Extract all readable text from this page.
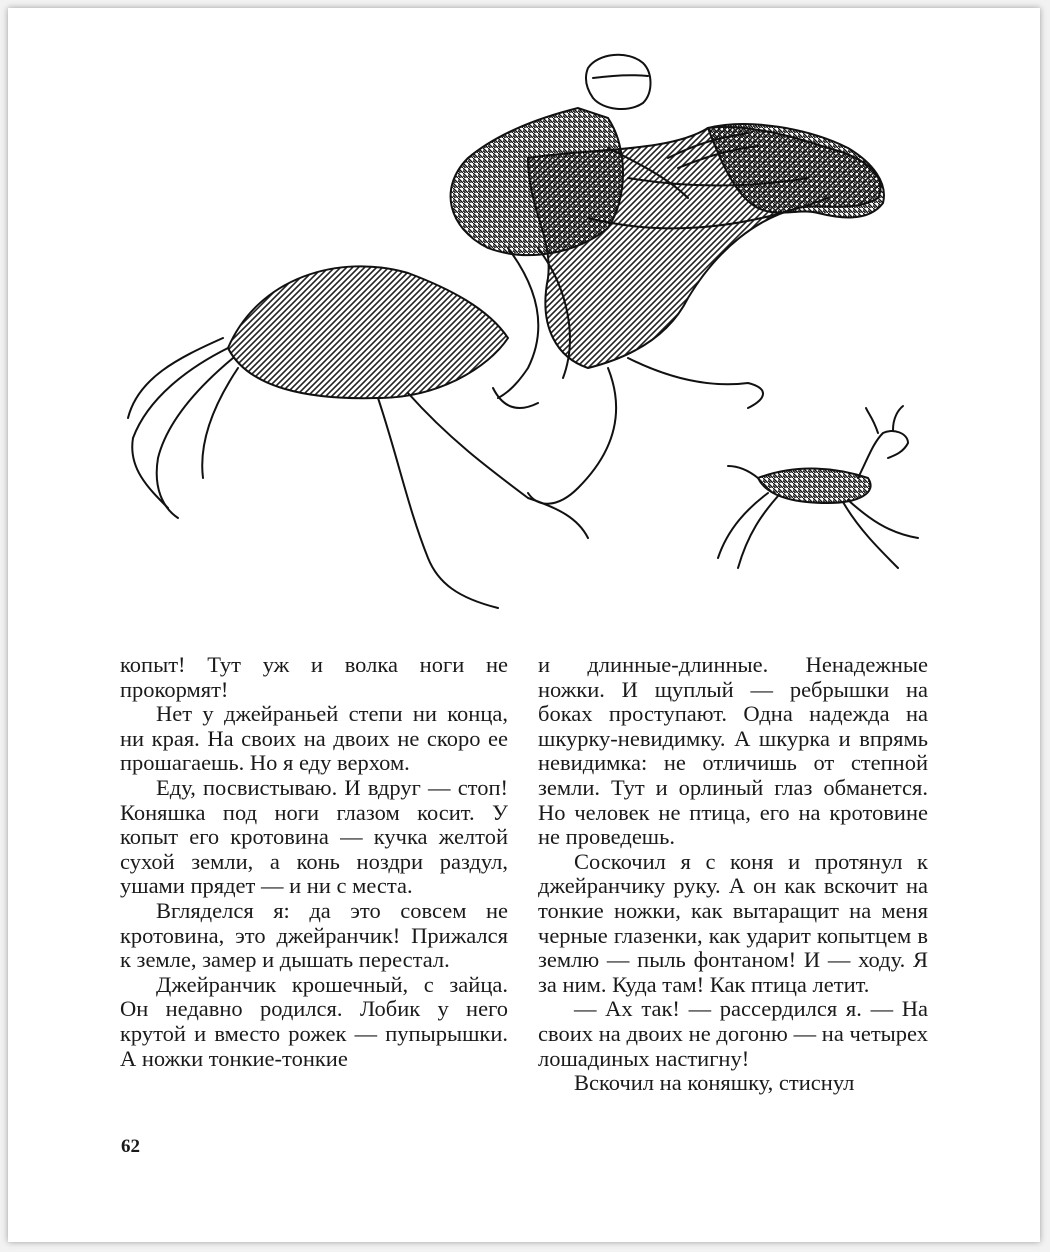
копыт! Тут уж и волка ноги не прокормят!

Нет у джейраньей степи ни конца, ни края. На своих на двоих не скоро ее прошагаешь. Но я еду верхом.

Еду, посвистываю. И вдруг — стоп! Коняшка под ноги глазом косит. У копыт его кротовина — кучка желтой сухой земли, а конь ноздри раздул, ушами прядет — и ни с места.

Вгляделся я: да это совсем не кротовина, это джейранчик! Прижался к земле, замер и дышать перестал.

Джейранчик крошечный, с зайца. Он недавно родился. Лобик у него крутой и вместо рожек — пупырышки. А ножки тонкие-тонкие

и длинные-длинные. Ненадежные ножки. И щуплый — ребрышки на боках проступают. Одна надежда на шкурку-невидимку. А шкурка и впрямь невидимка: не отличишь от степной земли. Тут и орлиный глаз обманется. Но человек не птица, его на кротовине не проведешь.

Соскочил я с коня и протянул к джейранчику руку. А он как вскочит на тонкие ножки, как вытаращит на меня черные глазенки, как ударит копытцем в землю — пыль фонтаном! И — ходу. Я за ним. Куда там! Как птица летит.

— Ах так! — рассердился я. — На своих на двоих не догоню — на четырех лошадиных настигну!

Вскочил на коняшку, стиснул

62
